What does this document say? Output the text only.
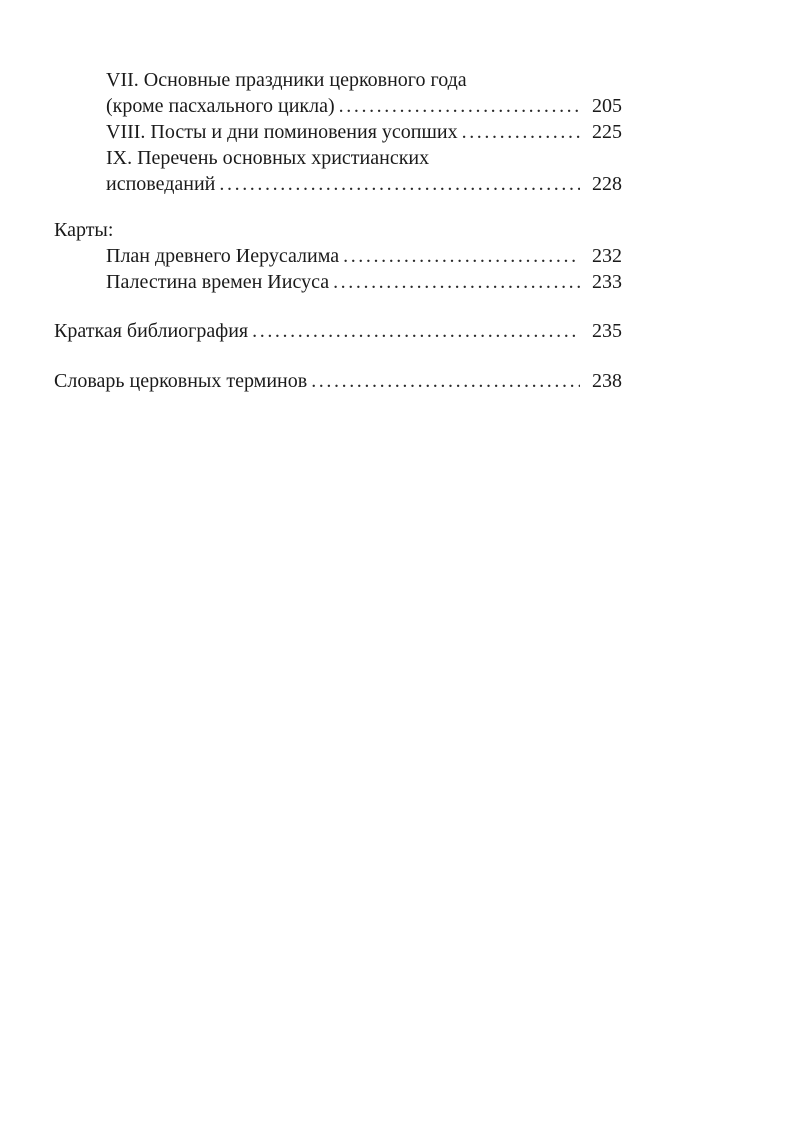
VII. Основные праздники церковного года
(кроме пасхального цикла) . . .	205
VIII. Посты и дни поминовения усопших . . .	225
IX. Перечень основных христианских
исповеданий . . .	228
Карты:
План древнего Иерусалима . . .	232
Палестина времен Иисуса . . .	233
Краткая библиография . . .	235
Словарь церковных терминов . . .	238
